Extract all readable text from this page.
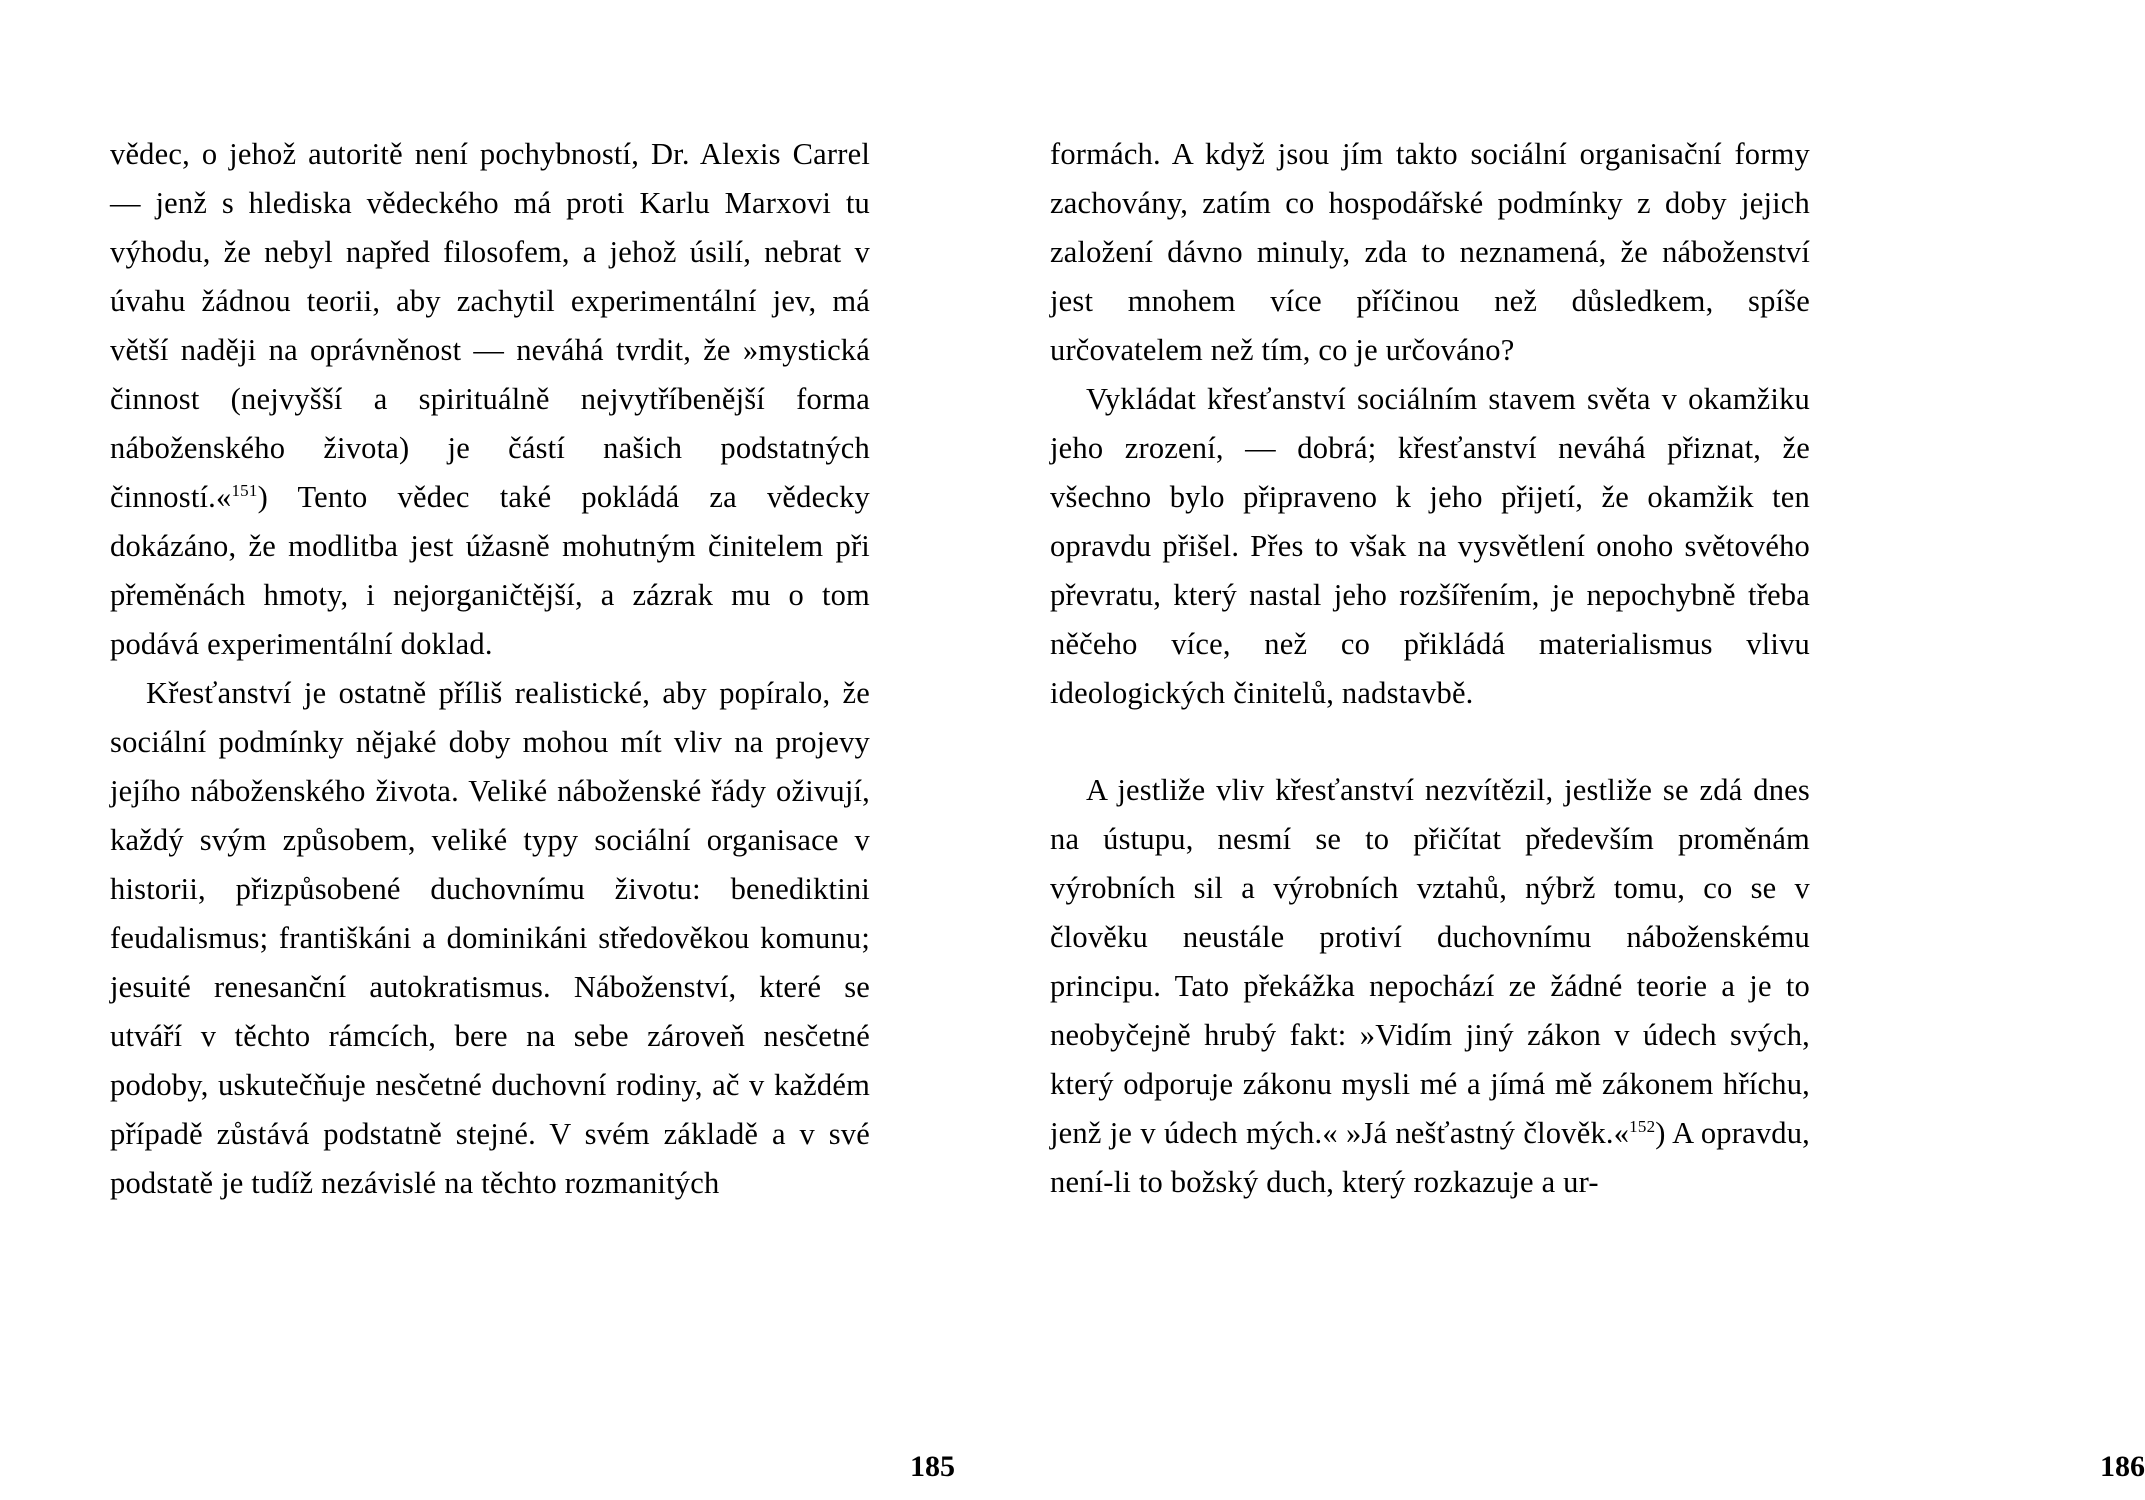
vědec, o jehož autoritě není pochybností, Dr. Alexis Carrel — jenž s hlediska vědeckého má proti Karlu Marxovi tu výhodu, že nebyl napřed filosofem, a jehož úsilí, nebrat v úvahu žádnou teorii, aby zachytil experimentální jev, má větší naději na oprávněnost — neváhá tvrdit, že »mystická činnost (nejvyšší a spirituálně nejvytříbenější forma náboženského života) je částí našich podstatných činností.«$^{151}$) Tento vědec také pokládá za vědecky dokázáno, že modlitba jest úžasně mohutným činitelem při přeměnách hmoty, i nejorganičtější, a zázrak mu o tom podává experimentální doklad.

Křesťanství je ostatně příliš realistické, aby popíralo, že sociální podmínky nějaké doby mohou mít vliv na projevy jejího náboženského života. Veliké náboženské řády oživují, každý svým způsobem, veliké typy sociální organisace v historii, přizpůsobené duchovnímu životu: benediktini feudalismus; františkáni a dominikáni středověkou komunu; jesuité renesanční autokratismus. Náboženství, které se utváří v těchto rámcích, bere na sebe zároveň nesčetné podoby, uskutečňuje nesčetné duchovní rodiny, ač v každém případě zůstává podstatně stejné. V svém základě a v své podstatě je tudíž nezávislé na těchto rozmanitých

185

formách. A když jsou jím takto sociální organisační formy zachovány, zatím co hospodářské podmínky z doby jejich založení dávno minuly, zda to neznamená, že náboženství jest mnohem více příčinou než důsledkem, spíše určovatelem než tím, co je určováno?

Vykládat křesťanství sociálním stavem světa v okamžiku jeho zrození, — dobrá; křesťanství neváhá přiznat, že všechno bylo připraveno k jeho přijetí, že okamžik ten opravdu přišel. Přes to však na vysvětlení onoho světového převratu, který nastal jeho rozšířením, je nepochybně třeba něčeho více, než co přikládá materialismus vlivu ideologických činitelů, nadstavbě.

A jestliže vliv křesťanství nezvítězil, jestliže se zdá dnes na ústupu, nesmí se to přičítat především proměnám výrobních sil a výrobních vztahů, nýbrž tomu, co se v člověku neustále protiví duchovnímu náboženskému principu. Tato překážka nepochází ze žádné teorie a je to neobyčejně hrubý fakt: »Vidím jiný zákon v údech svých, který odporuje zákonu mysli mé a jímá mě zákonem hříchu, jenž je v údech mých.« »Já nešťastný člověk.«$^{152}$) A opravdu, není-li to božský duch, který rozkazuje a ur-

186
